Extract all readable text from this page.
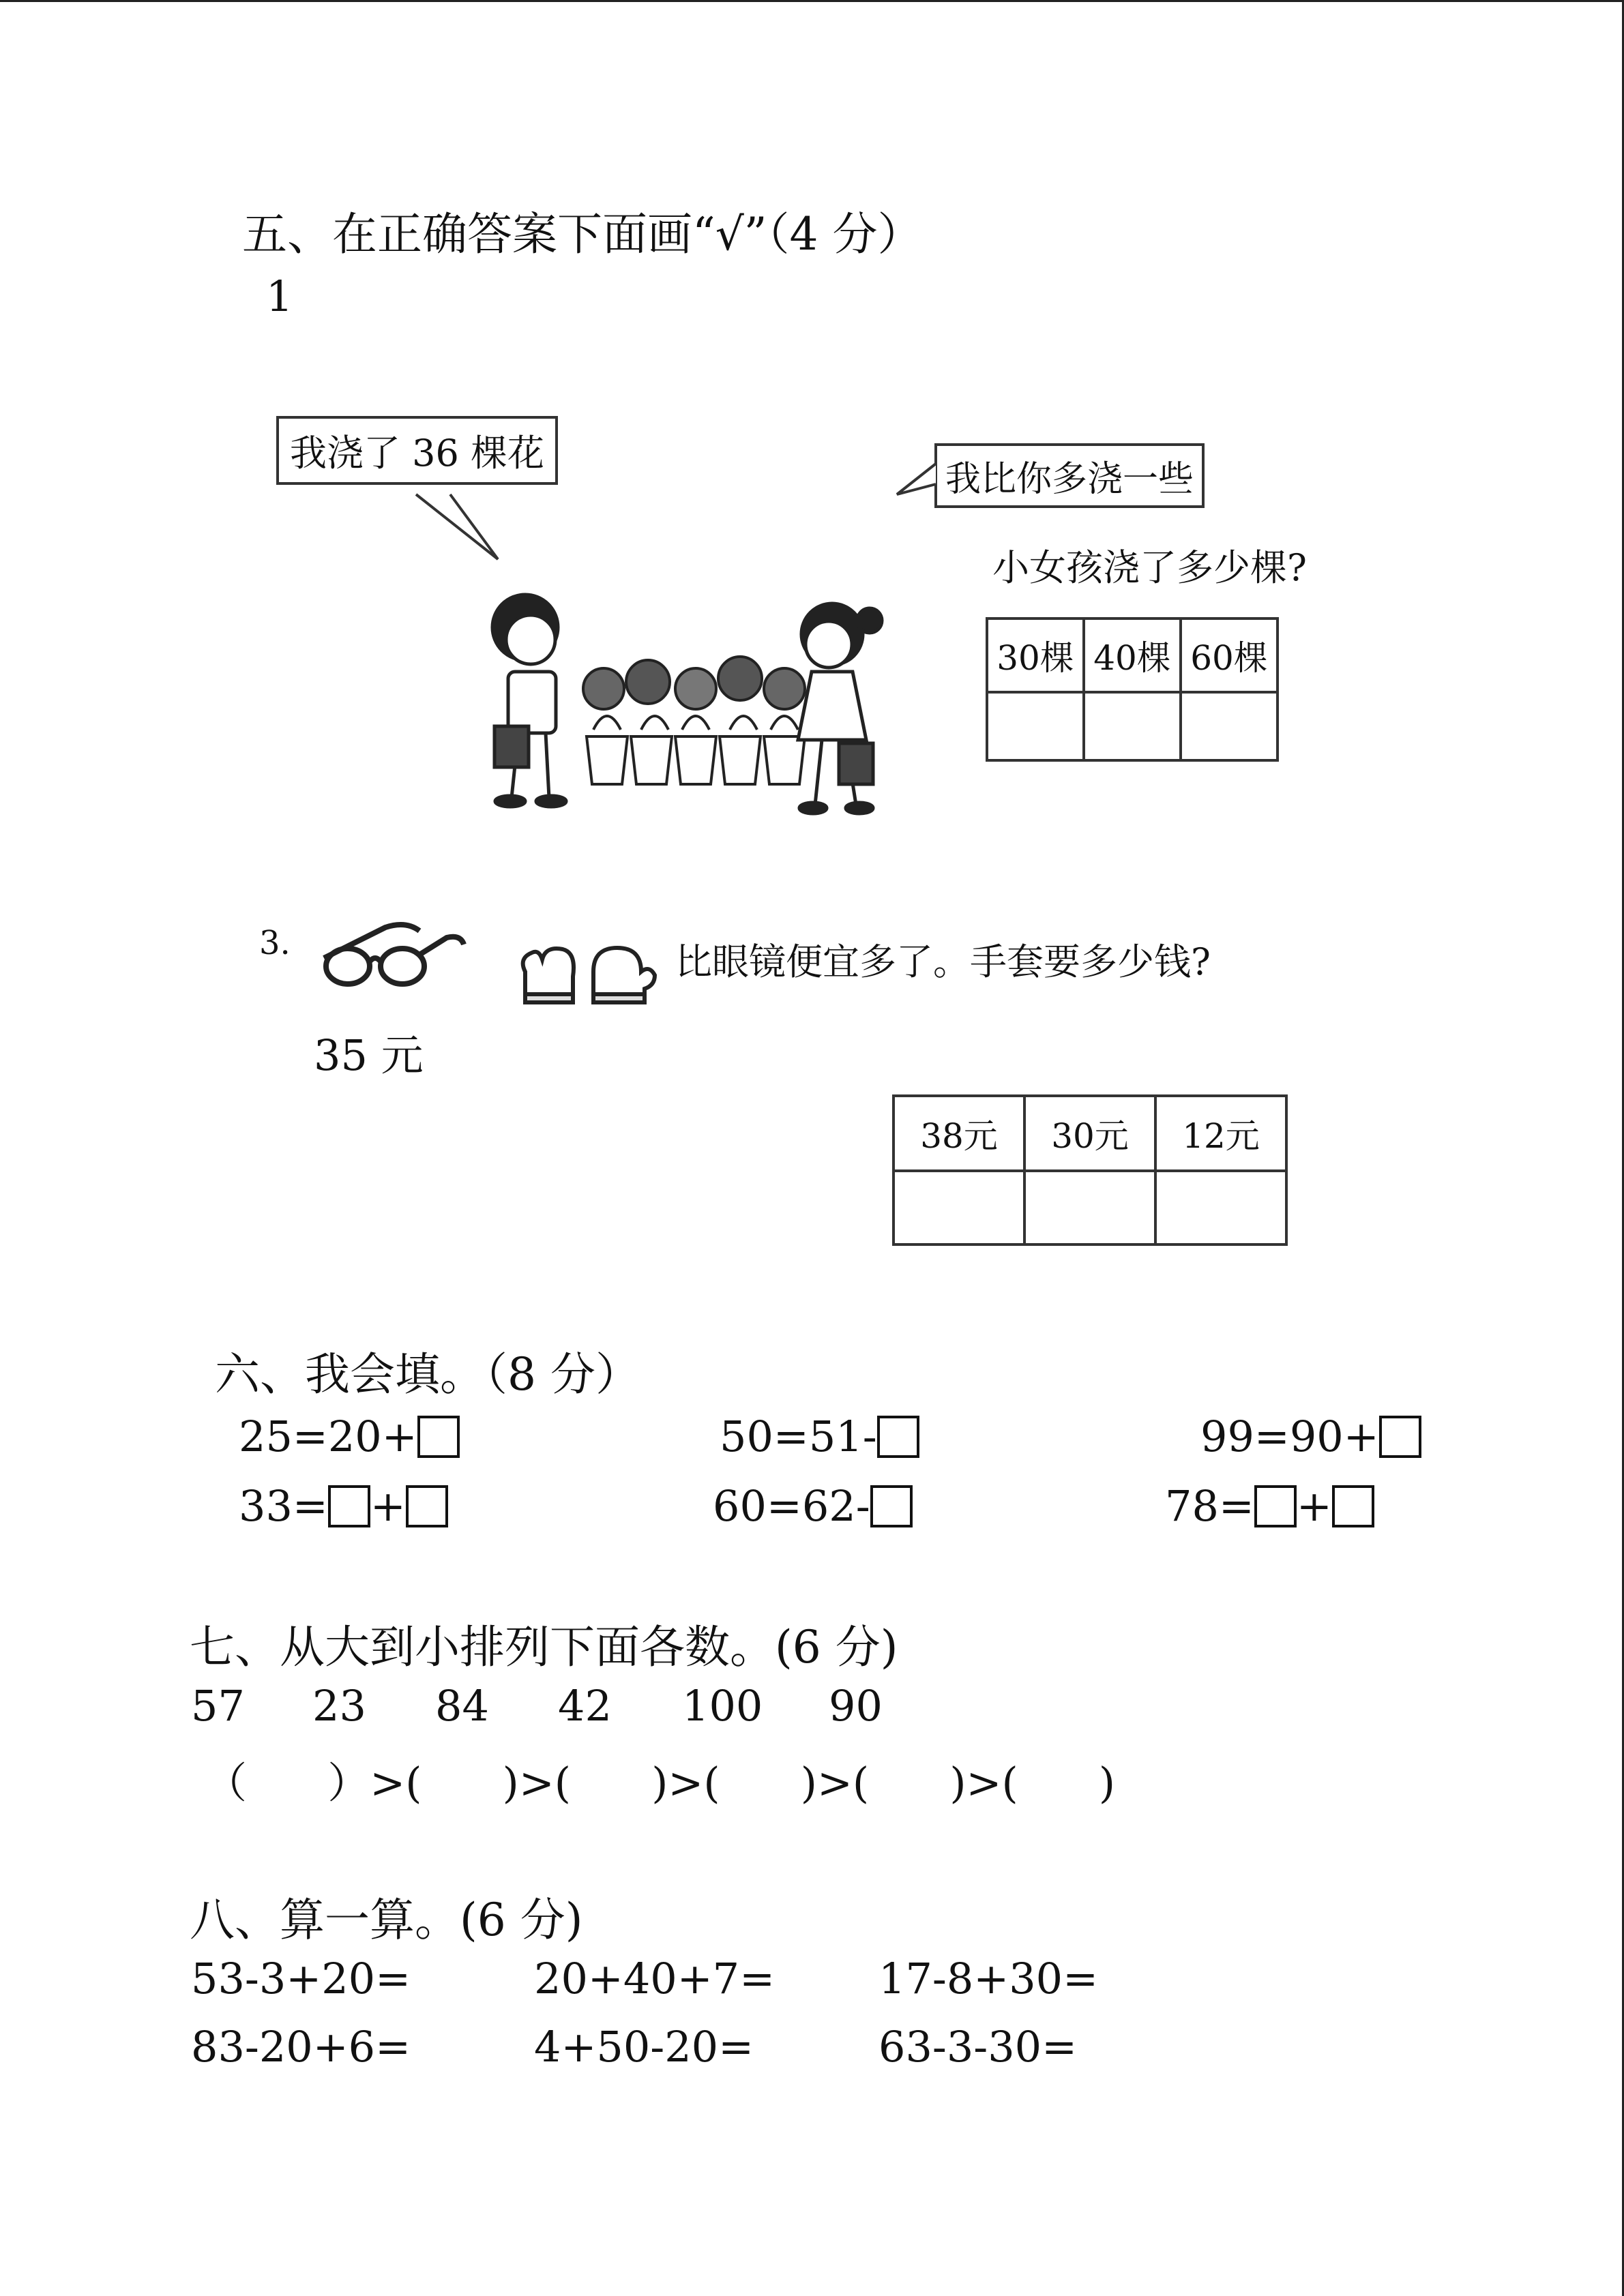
五、在正确答案下面画“√”（4 分）
1
我浇了 36 棵花
我比你多浇一些
小女孩浇了多少棵?
30棵	40棵	60棵

3.	比眼镜便宜多了。手套要多少钱?
35 元
38元	30元	12元

六、我会填。（8 分）
25=20+	50=51-	99=90+
33= +	60=62-	78= +
七、从大到小排列下面各数。(6 分)
57 23 84 42 100 90
（      ）>(      )>(      )>(      )>(      )>(      )
八、算一算。(6 分)
53-3+20=	20+40+7= 17-8+30=
83-20+6=	4+50-20=	63-3-30=
